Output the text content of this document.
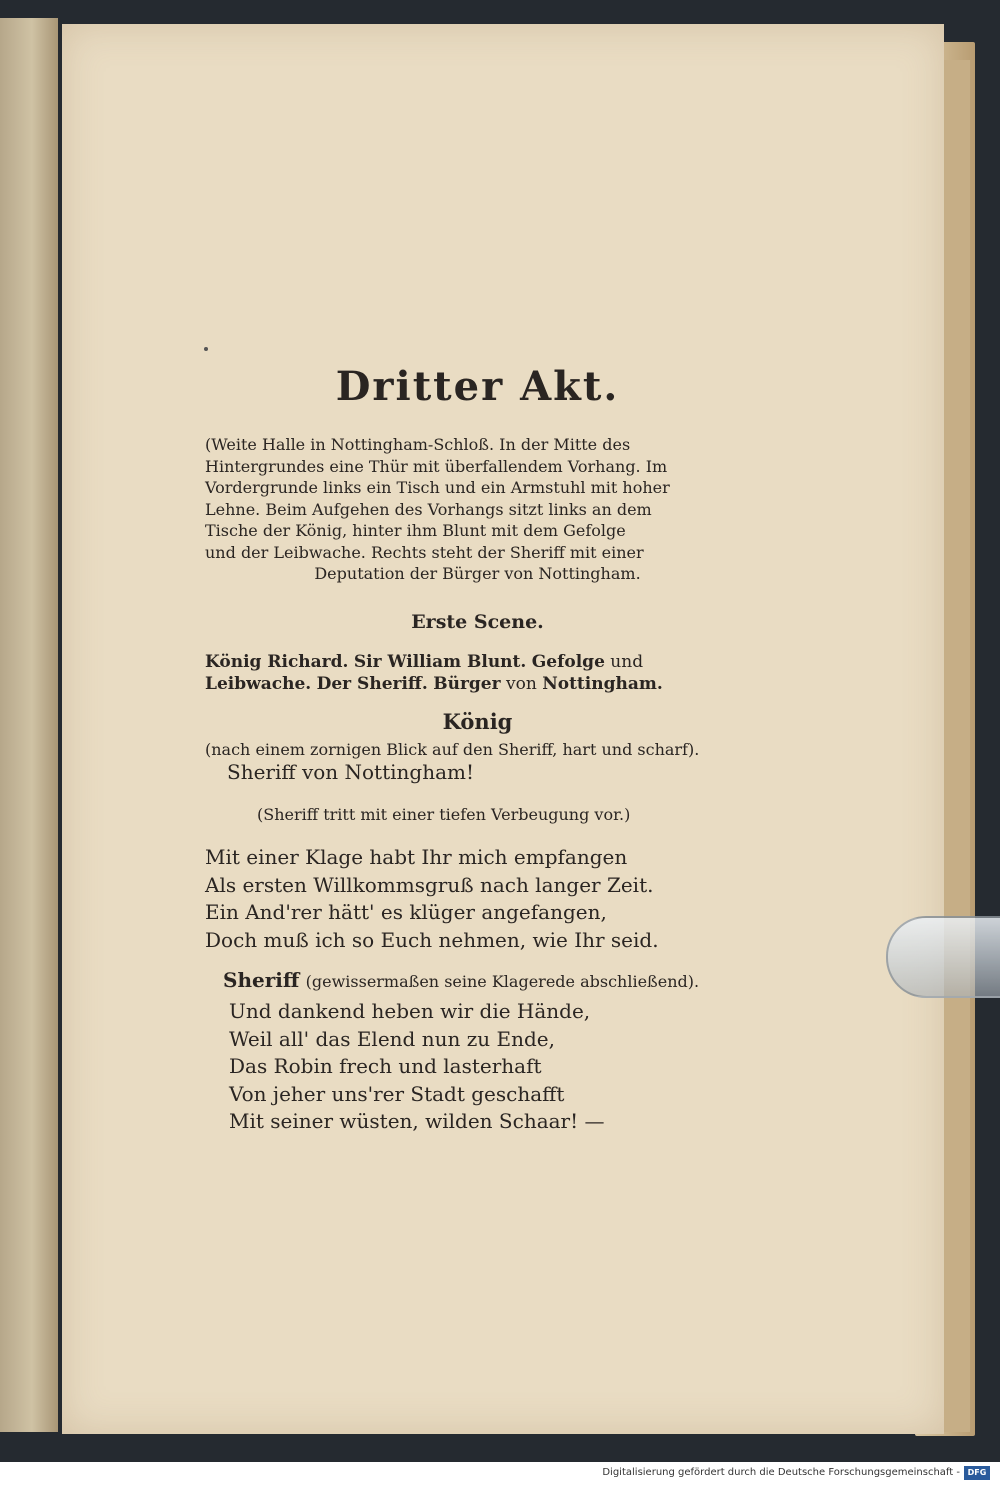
Dritter Akt.

(Weite Halle in Nottingham-Schloß. In der Mitte des

Hintergrundes eine Thür mit überfallendem Vorhang. Im

Vordergrunde links ein Tisch und ein Armstuhl mit hoher

Lehne. Beim Aufgehen des Vorhangs sitzt links an dem

Tische der König, hinter ihm Blunt mit dem Gefolge

und der Leibwache. Rechts steht der Sheriff mit einer

Deputation der Bürger von Nottingham.

Erste Scene.

König Richard. Sir William Blunt. Gefolge und

Leibwache. Der Sheriff. Bürger von Nottingham.

König

(nach einem zornigen Blick auf den Sheriff, hart und scharf).

Sheriff von Nottingham!

(Sheriff tritt mit einer tiefen Verbeugung vor.)

Mit einer Klage habt Ihr mich empfangen

Als ersten Willkommsgruß nach langer Zeit.

Ein And'rer hätt' es klüger angefangen,

Doch muß ich so Euch nehmen, wie Ihr seid.

Sheriff (gewissermaßen seine Klagerede abschließend).

Und dankend heben wir die Hände,

Weil all' das Elend nun zu Ende,

Das Robin frech und lasterhaft

Von jeher uns'rer Stadt geschafft

Mit seiner wüsten, wilden Schaar! —

Digitalisierung gefördert durch die Deutsche Forschungsgemeinschaft - DFG
